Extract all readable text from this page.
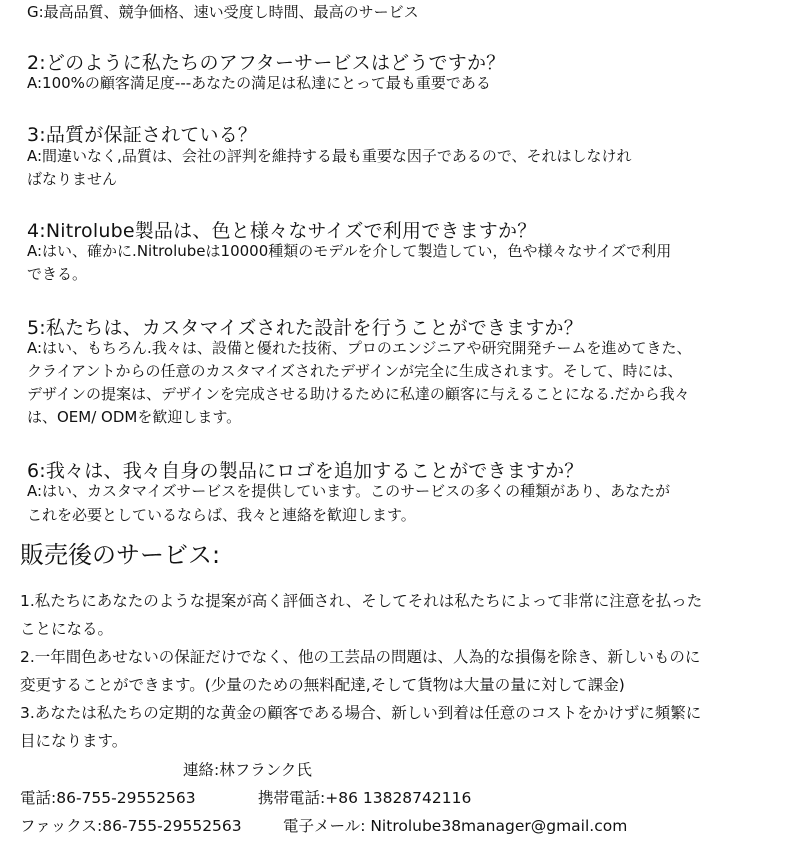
G:最高品質、競争価格、速い受度し時間、最高のサービス
2:どのように私たちのアフターサービスはどうですか？
A:100%の顧客満足度---あなたの満足は私達にとって最も重要である
3:品質が保証されている？
A:間違いなく,品質は、会社の評判を維持する最も重要な因子であるので、それはしなけれ
ばなりません
4:Nitrolube製品は、色と様々なサイズで利用できますか？
A:はい、確かに.Nitrolubeは10000種類のモデルを介して製造してい，色や様々なサイズで利用
できる。
5:私たちは、カスタマイズされた設計を行うことができますか？
A:はい、もちろん.我々は、設備と優れた技術、プロのエンジニアや研究開発チームを進めてきた、
クライアントからの任意のカスタマイズされたデザインが完全に生成されます。そして、時には、
デザインの提案は、デザインを完成させる助けるために私達の顧客に与えることになる.だから我々
は、OEM/ ODMを歓迎します。
6:我々は、我々自身の製品にロゴを追加することができますか？
A:はい、カスタマイズサービスを提供しています。このサービスの多くの種類があり、あなたが
これを必要としているならば、我々と連絡を歓迎します。
販売後のサービス:
1.私たちにあなたのような提案が高く評価され、そしてそれは私たちによって非常に注意を払った
ことになる。
2.一年間色あせないの保証だけでなく、他の工芸品の問題は、人為的な損傷を除き、新しいものに
変更することができます。(少量のための無料配達,そして貨物は大量の量に対して課金)
3.あなたは私たちの定期的な黄金の顧客である場合、新しい到着は任意のコストをかけずに頻繁に
目になります。
連絡:林フランク氏
電話:86-755-29552563	携帯電話:+86 13828742116
ファックス:86-755-29552563	電子メール: Nitrolube38manager@gmail.com
